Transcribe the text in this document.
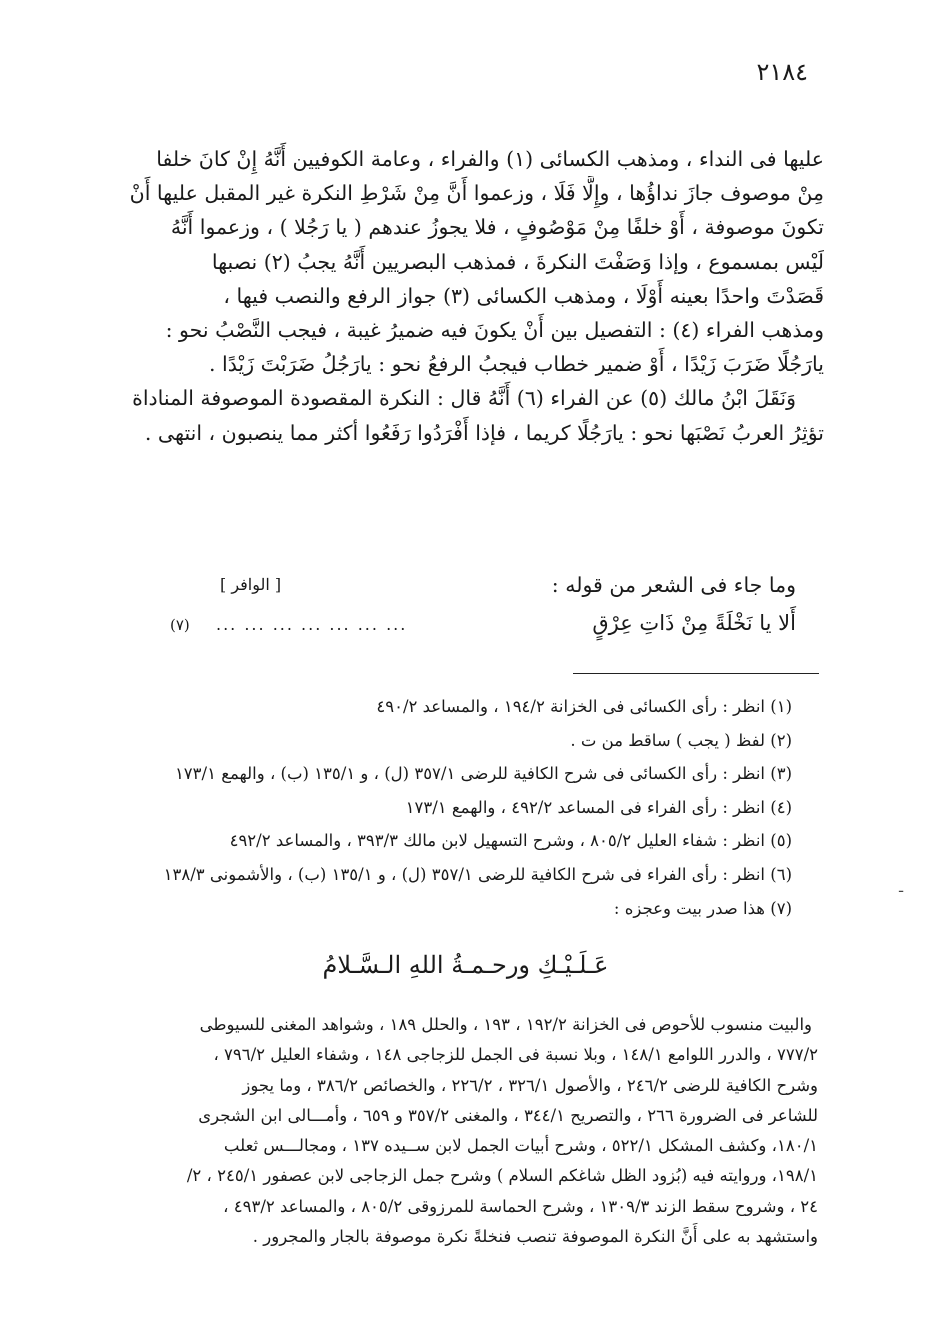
٢١٨٤
عليها فى النداء ، ومذهب الكسائى (١) والفراء ، وعامة الكوفيين أَنَّهُ إِنْ كانَ خلفا
مِنْ موصوف جازَ نداؤُها ، وإِلَّا فَلَا ، وزعموا أَنَّ مِنْ شَرْطِ النكرة غير المقبل عليها أَنْ
تكونَ موصوفة ، أَوْ خلفًا مِنْ مَوْصُوفٍ ، فلا يجوزُ عندهم ( يا رَجُلا ) ، وزعموا أَنَّهُ
لَيْس بمسموع ، وإذا وَصَفْتَ النكرةَ ، فمذهب البصريين أَنَّهُ يجبُ (٢) نصبها
قَصَدْتَ واحدًا بعينه أَوْلَا ، ومذهب الكسائى (٣) جواز الرفع والنصب فيها ،
ومذهب الفراء (٤) : التفصيل بين أَنْ يكونَ فيه ضميرُ غيبة ، فيجب النَّصْبُ نحو :
يارَجُلًا ضَرَبَ زَيْدًا ، أَوْ ضمير خطاب فيجبُ الرفعُ نحو : يارَجُلُ ضَرَبْتَ زَيْدًا .
وَنَقَلَ ابْنُ مالك (٥) عن الفراء (٦) أَنَّهُ قال : النكرة المقصودة الموصوفة المناداة
تؤثِرُ العربُ نَصْبَها نحو : يارَجُلًا كريما ، فإذا أَفْرَدُوا رَفَعُوا أكثر مما ينصبون ، انتهى .
وما جاء فى الشعر من قوله :
[ الوافر ]
أَلا يا نَخْلَةً مِنْ ذَاتِ عِرْقٍ
... ... ... ... ... ... ...
(٧)
(١) انظر : رأى الكسائى فى الخزانة ١٩٤/٢ ، والمساعد ٤٩٠/٢
(٢) لفظ ( يجب ) ساقط من ت .
(٣) انظر : رأى الكسائى فى شرح الكافية للرضى ٣٥٧/١ (ل) ، و ١٣٥/١ (ب) ، والهمع ١٧٣/١
(٤) انظر : رأى الفراء فى المساعد ٤٩٢/٢ ، والهمع ١٧٣/١
(٥) انظر : شفاء العليل ٨٠٥/٢ ، وشرح التسهيل لابن مالك ٣٩٣/٣ ، والمساعد ٤٩٢/٢
(٦) انظر : رأى الفراء فى شرح الكافية للرضى ٣٥٧/١ (ل) ، و ١٣٥/١ (ب) ، والأشمونى ١٣٨/٣
(٧) هذا صدر بيت وعجزه :
عَـلَـيْـكِ ورحـمـةُ اللهِ الـسَّـلامُ
والبيت منسوب للأحوص فى الخزانة ١٩٢/٢ ، ١٩٣ ، والحلل ١٨٩ ، وشواهد المغنى للسيوطى
٧٧٧/٢ ، والدرر اللوامع ١٤٨/١ ، وبلا نسبة فى الجمل للزجاجى ١٤٨ ، وشفاء العليل ٧٩٦/٢ ،
وشرح الكافية للرضى ٢٤٦/٢ ، والأصول ٣٢٦/١ ، ٢٢٦/٢ ، والخصائص ٣٨٦/٢ ، وما يجوز
للشاعر فى الضرورة ٢٦٦ ، والتصريح ٣٤٤/١ ، والمغنى ٣٥٧/٢ و ٦٥٩ ، وأمـــالى ابن الشجرى
١٨٠/١، وكشف المشكل ٥٢٢/١ ، وشرح أبيات الجمل لابن ســيده ١٣٧ ، ومجالـــس ثعلب
١٩٨/١، وروايته فيه (بُزود الظل شاغكم السلام ) وشرح جمل الزجاجى لابن عصفور ٢٤٥/١ ، ٢/
٢٤ ، وشروح سقط الزند ١٣٠٩/٣ ، وشرح الحماسة للمرزوقى ٨٠٥/٢ ، والمساعد ٤٩٣/٢ ،
واستشهد به على أَنَّ النكرة الموصوفة تنصب فنخلةً نكرة موصوفة بالجار والمجرور .
ـ
